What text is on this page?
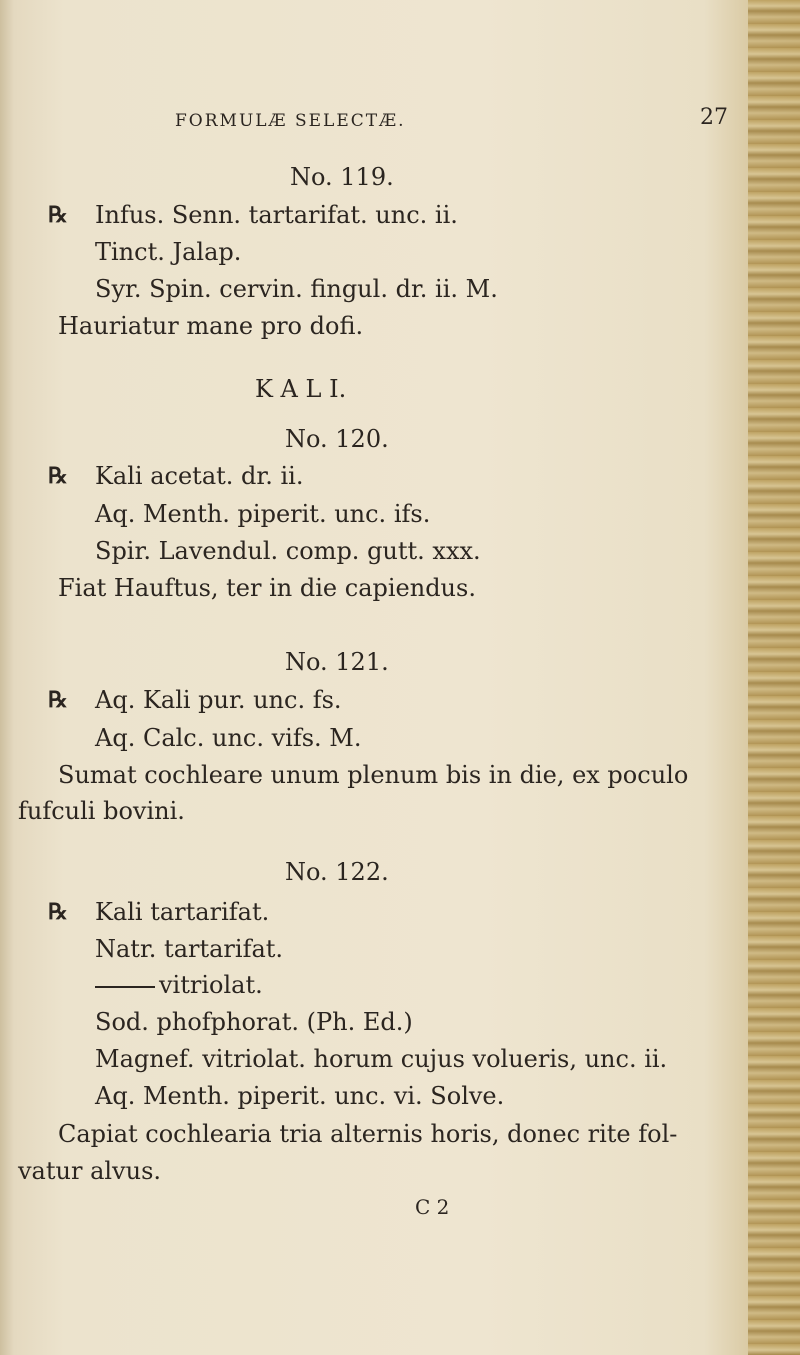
FORMULÆ SELECTÆ.	27
No. 119.
℞ Infus. Senn. tartarifat. unc. ii.
Tinct. Jalap.
Syr. Spin. cervin. fingul. dr. ii. M.
Hauriatur mane pro dofi.
K A L I.
No. 120.
℞ Kali acetat. dr. ii.
Aq. Menth. piperit. unc. ifs.
Spir. Lavendul. comp. gutt. xxx.
Fiat Hauftus, ter in die capiendus.
No. 121.
℞ Aq. Kali pur. unc. fs.
Aq. Calc. unc. vifs. M.
Sumat cochleare unum plenum bis in die, ex poculo
fufculi bovini.
No. 122.
℞ Kali tartarifat.
Natr. tartarifat.
vitriolat.
Sod. phofphorat. (Ph. Ed.)
Magnef. vitriolat. horum cujus volueris, unc. ii.
Aq. Menth. piperit. unc. vi. Solve.
Capiat cochlearia tria alternis horis, donec rite fol-
vatur alvus.
C 2
